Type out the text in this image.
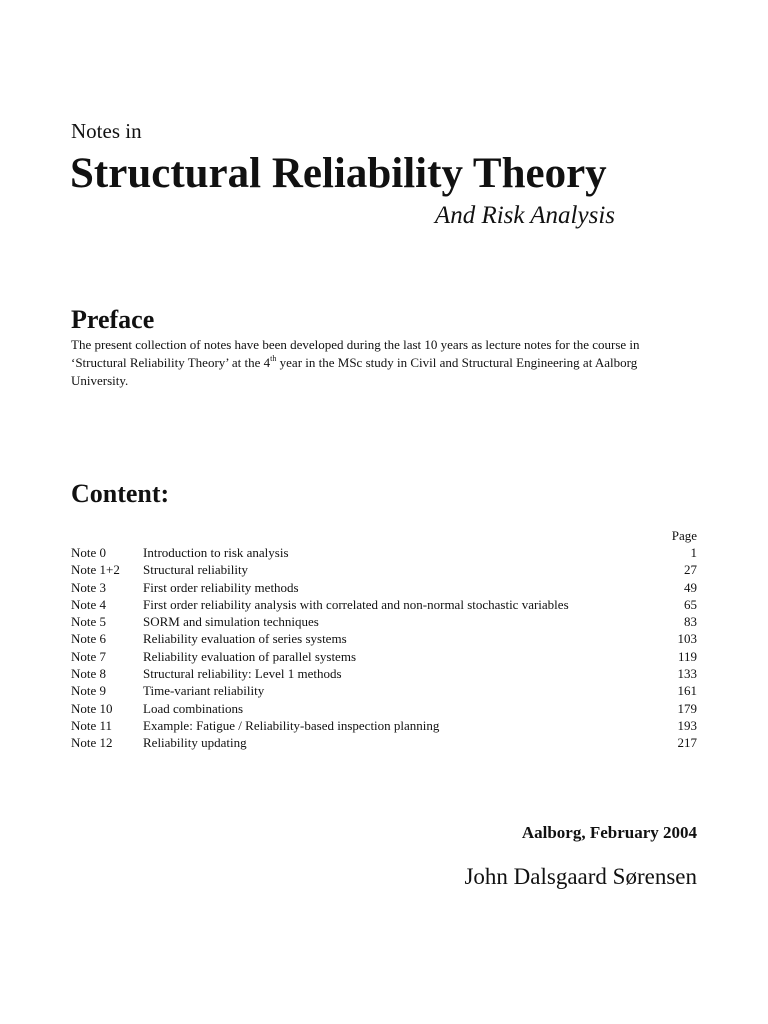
Notes in
Structural Reliability Theory
And Risk Analysis
Preface
The present collection of notes have been developed during the last 10 years as lecture notes for the course in ‘Structural Reliability Theory’ at the 4th year in the MSc study in Civil and Structural Engineering at Aalborg University.
Content:
Page
Note 0	Introduction to risk analysis	1
Note 1+2	Structural reliability	27
Note 3	First order reliability methods	49
Note 4	First order reliability analysis with correlated and non-normal stochastic variables	65
Note 5	SORM and simulation techniques	83
Note 6	Reliability evaluation of series systems	103
Note 7	Reliability evaluation of parallel systems	119
Note 8	Structural reliability: Level 1 methods	133
Note 9	Time-variant reliability	161
Note 10	Load combinations	179
Note 11	Example: Fatigue / Reliability-based inspection planning	193
Note 12	Reliability updating	217
Aalborg, February 2004
John Dalsgaard Sørensen
